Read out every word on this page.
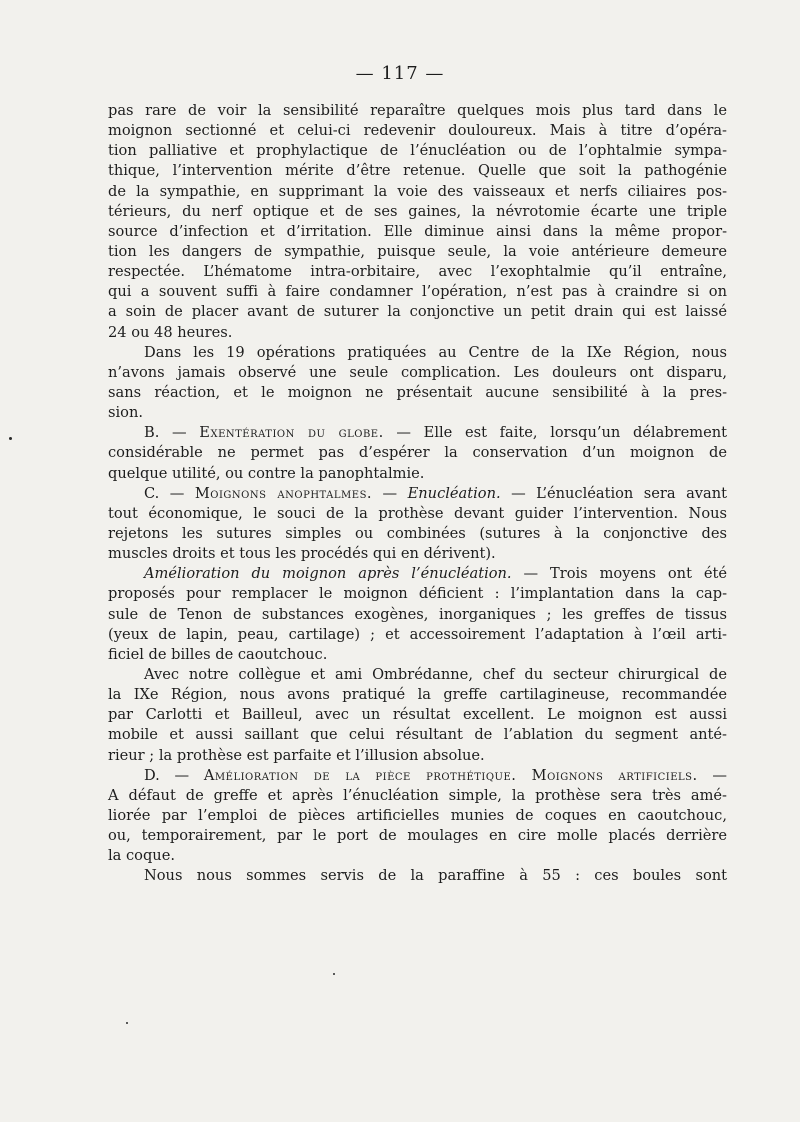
— 117 —
pas rare de voir la sensibilité reparaître quelques mois plus tard dans le
moignon sectionné et celui-ci redevenir douloureux. Mais à titre d’opéra-
tion palliative et prophylactique de l’énucléation ou de l’ophtalmie sympa-
thique, l’intervention mérite d’être retenue. Quelle que soit la pathogénie
de la sympathie, en supprimant la voie des vaisseaux et nerfs ciliaires pos-
térieurs, du nerf optique et de ses gaines, la névrotomie écarte une triple
source d’infection et d’irritation. Elle diminue ainsi dans la même propor-
tion les dangers de sympathie, puisque seule, la voie antérieure demeure
respectée. L’hématome intra-orbitaire, avec l’exophtalmie qu’il entraîne,
qui a souvent suffi à faire condamner l’opération, n’est pas à craindre si on
a soin de placer avant de suturer la conjonctive un petit drain qui est laissé
24 ou 48 heures.
Dans les 19 opérations pratiquées au Centre de la IXe Région, nous
n’avons jamais observé une seule complication. Les douleurs ont disparu,
sans réaction, et le moignon ne présentait aucune sensibilité à la pres-
sion.
B. — Exentération du globe. — Elle est faite, lorsqu’un délabrement
considérable ne permet pas d’espérer la conservation d’un moignon de
quelque utilité, ou contre la panophtalmie.
C. — Moignons anophtalmes. — Enucléation. — L’énucléation sera avant
tout économique, le souci de la prothèse devant guider l’intervention. Nous
rejetons les sutures simples ou combinées (sutures à la conjonctive des
muscles droits et tous les procédés qui en dérivent).
Amélioration du moignon après l’énucléation. — Trois moyens ont été
proposés pour remplacer le moignon déficient : l’implantation dans la cap-
sule de Tenon de substances exogènes, inorganiques ; les greffes de tissus
(yeux de lapin, peau, cartilage) ; et accessoirement l’adaptation à l’œil arti-
ficiel de billes de caoutchouc.
Avec notre collègue et ami Ombrédanne, chef du secteur chirurgical de
la IXe Région, nous avons pratiqué la greffe cartilagineuse, recommandée
par Carlotti et Bailleul, avec un résultat excellent. Le moignon est aussi
mobile et aussi saillant que celui résultant de l’ablation du segment anté-
rieur ; la prothèse est parfaite et l’illusion absolue.
D. — Amélioration de la pièce prothétique. Moignons artificiels. —
A défaut de greffe et après l’énucléation simple, la prothèse sera très amé-
liorée par l’emploi de pièces artificielles munies de coques en caoutchouc,
ou, temporairement, par le port de moulages en cire molle placés derrière
la coque.
Nous nous sommes servis de la paraffine à 55 : ces boules sont
